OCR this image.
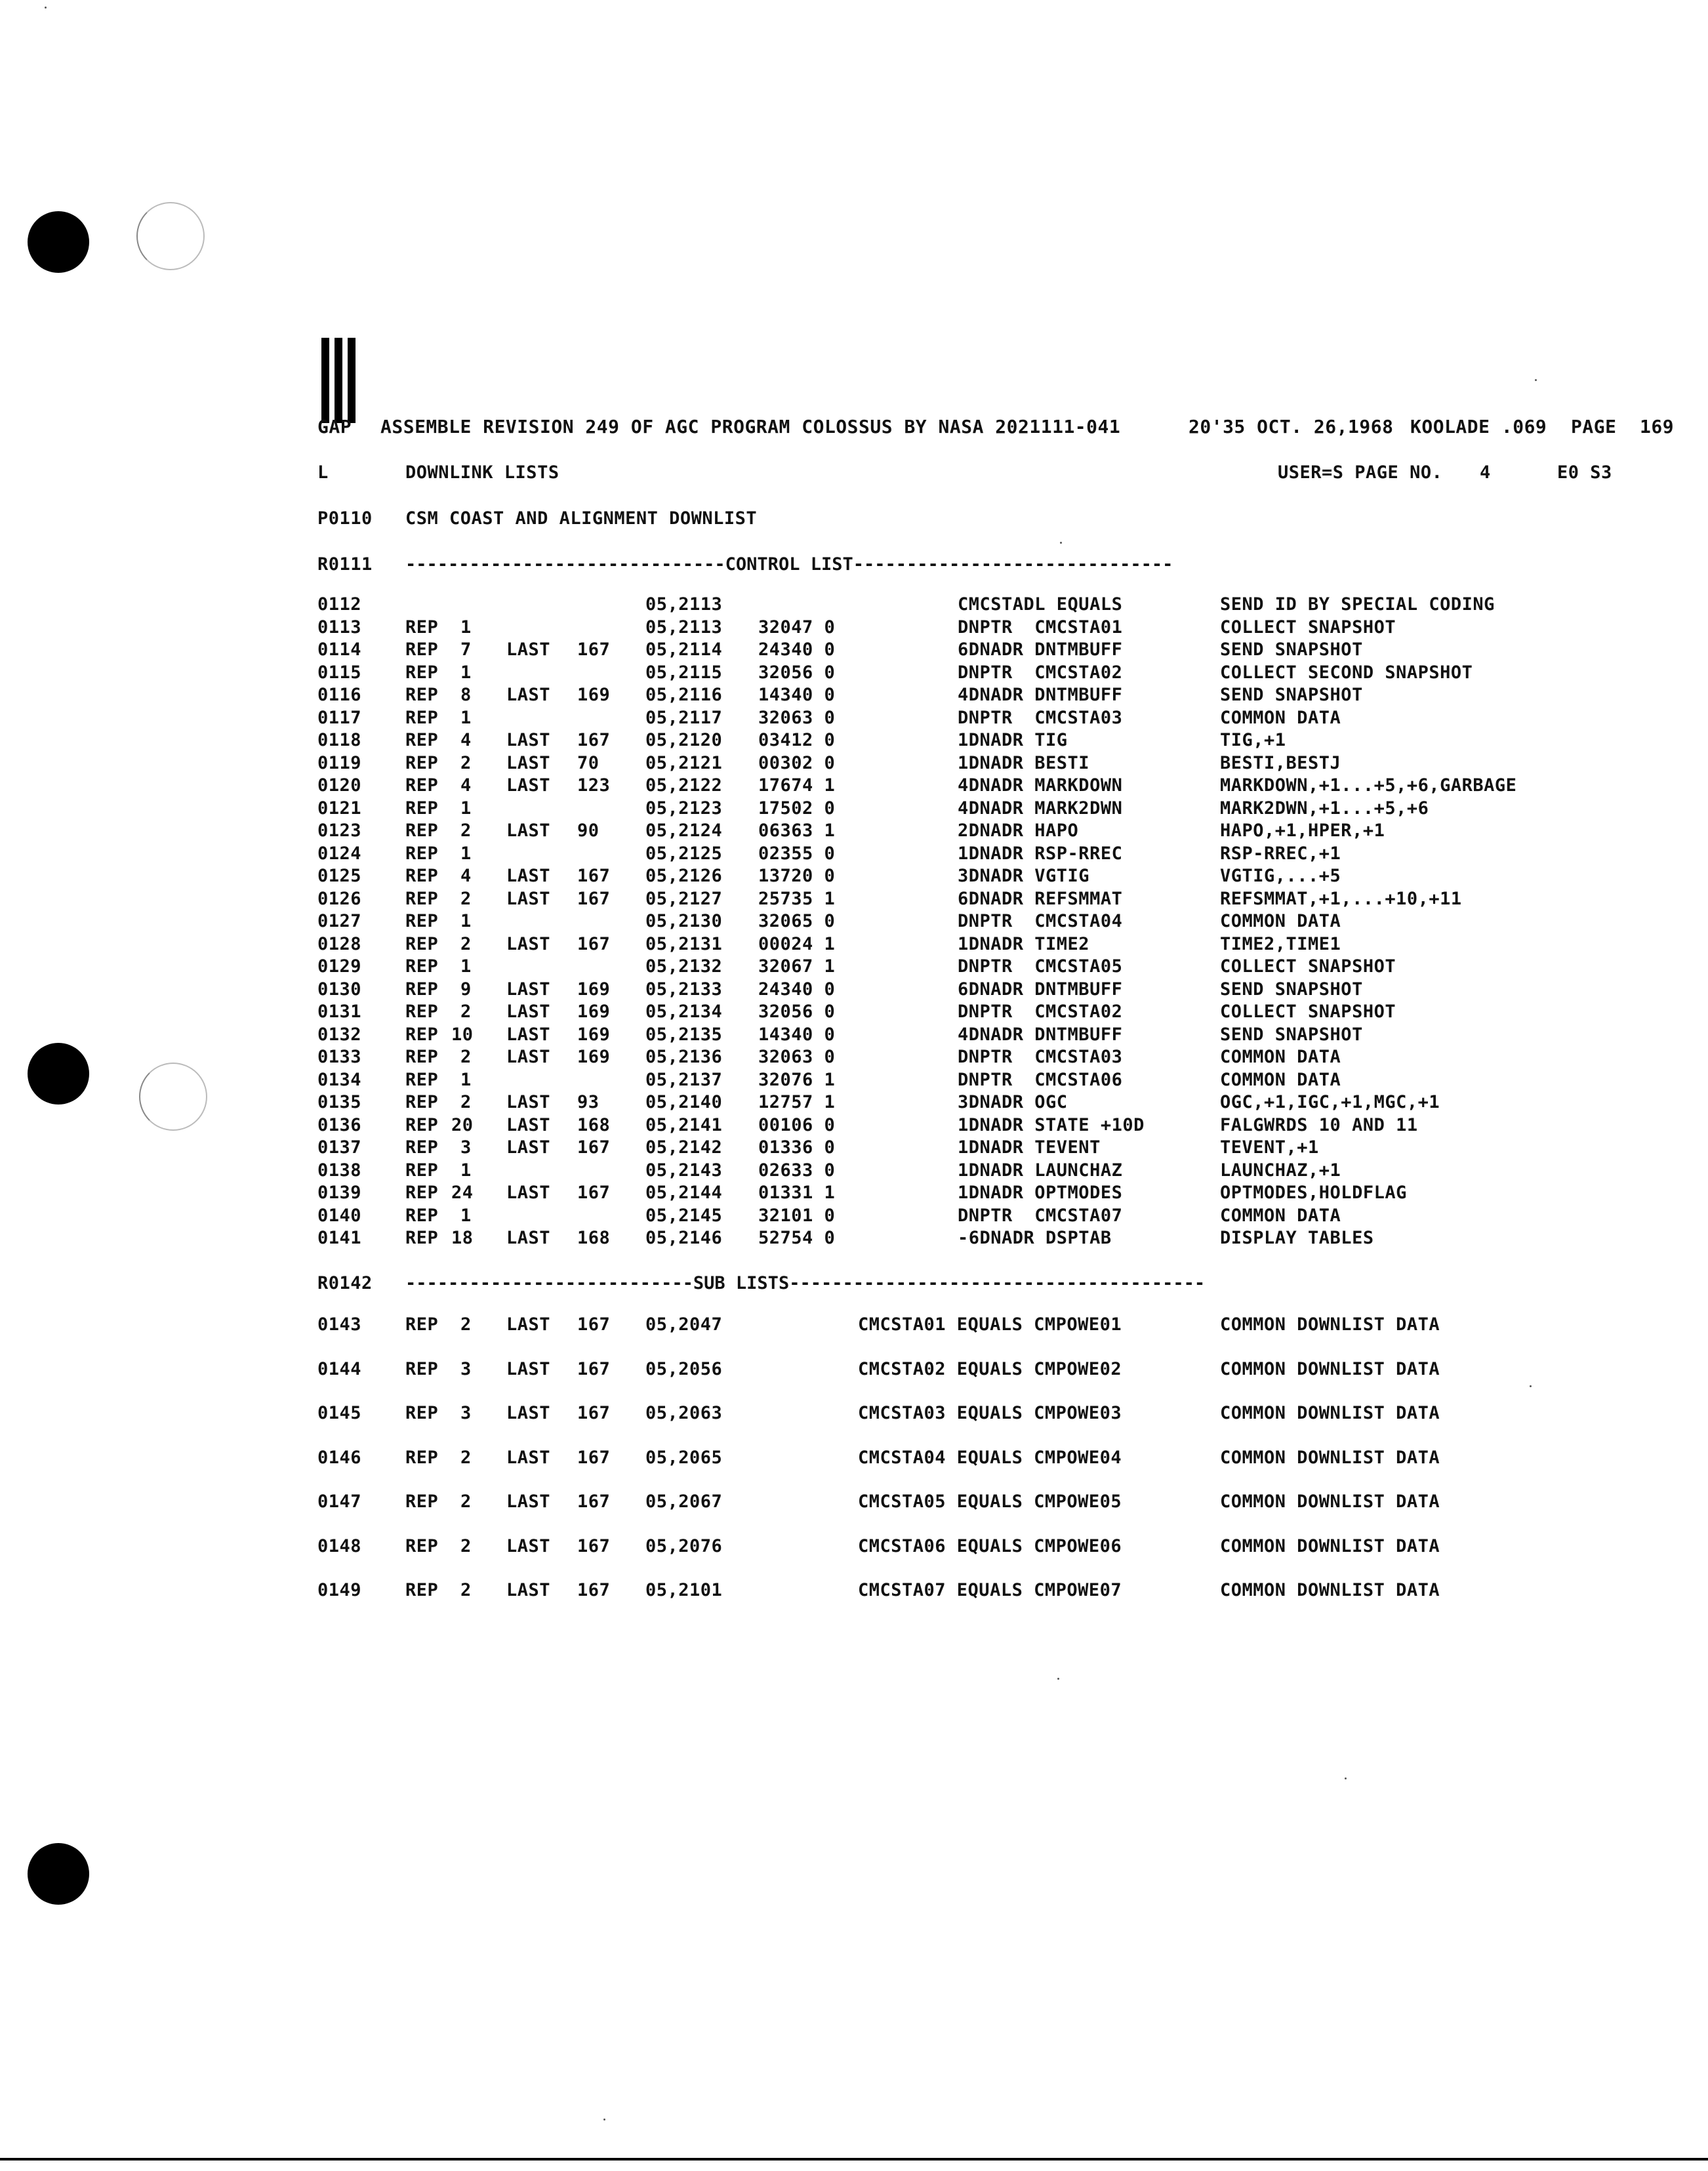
GAP ASSEMBLE REVISION 249 OF AGC PROGRAM COLOSSUS BY NASA 2021111-041	20'35 OCT. 26,1968 KOOLADE .069 PAGE 169
L	DOWNLINK LISTS	USER=S PAGE NO. 4	E0 S3
P0110 CSM COAST AND ALIGNMENT DOWNLIST
R0111 ------------------------------CONTROL LIST------------------------------
0112	05,2113	CMCSTADL EQUALS	SEND ID BY SPECIAL CODING
0113 REP 1	05,2113 32047 0	DNPTR  CMCSTA01	COLLECT SNAPSHOT
0114 REP 7 LAST 167 05,2114 24340 0	6DNADR DNTMBUFF	SEND SNAPSHOT
0115 REP 1	05,2115 32056 0	DNPTR  CMCSTA02	COLLECT SECOND SNAPSHOT
0116 REP 8 LAST 169 05,2116 14340 0	4DNADR DNTMBUFF	SEND SNAPSHOT
0117 REP 1	05,2117 32063 0	DNPTR  CMCSTA03	COMMON DATA
0118 REP 4 LAST 167 05,2120 03412 0	1DNADR TIG	TIG,+1
0119 REP 2 LAST 70	05,2121 00302 0	1DNADR BESTI	BESTI,BESTJ
0120 REP 4 LAST 123 05,2122 17674 1	4DNADR MARKDOWN	MARKDOWN,+1...+5,+6,GARBAGE
0121 REP 1	05,2123 17502 0	4DNADR MARK2DWN	MARK2DWN,+1...+5,+6
0123 REP 2 LAST 90	05,2124 06363 1	2DNADR HAPO	HAPO,+1,HPER,+1
0124 REP 1	05,2125 02355 0	1DNADR RSP-RREC	RSP-RREC,+1
0125 REP 4 LAST 167 05,2126 13720 0	3DNADR VGTIG	VGTIG,...+5
0126 REP 2 LAST 167 05,2127 25735 1	6DNADR REFSMMAT	REFSMMAT,+1,...+10,+11
0127 REP 1	05,2130 32065 0	DNPTR  CMCSTA04	COMMON DATA
0128 REP 2 LAST 167 05,2131 00024 1	1DNADR TIME2	TIME2,TIME1
0129 REP 1	05,2132 32067 1	DNPTR  CMCSTA05	COLLECT SNAPSHOT
0130 REP 9 LAST 169 05,2133 24340 0	6DNADR DNTMBUFF	SEND SNAPSHOT
0131 REP 2 LAST 169 05,2134 32056 0	DNPTR  CMCSTA02	COLLECT SNAPSHOT
0132 REP 10 LAST 169 05,2135 14340 0	4DNADR DNTMBUFF	SEND SNAPSHOT
0133 REP 2 LAST 169 05,2136 32063 0	DNPTR  CMCSTA03	COMMON DATA
0134 REP 1	05,2137 32076 1	DNPTR  CMCSTA06	COMMON DATA
0135 REP 2 LAST 93	05,2140 12757 1	3DNADR OGC	OGC,+1,IGC,+1,MGC,+1
0136 REP 20 LAST 168 05,2141 00106 0	1DNADR STATE +10D	FALGWRDS 10 AND 11
0137 REP 3 LAST 167 05,2142 01336 0	1DNADR TEVENT	TEVENT,+1
0138 REP 1	05,2143 02633 0	1DNADR LAUNCHAZ	LAUNCHAZ,+1
0139 REP 24 LAST 167 05,2144 01331 1	1DNADR OPTMODES	OPTMODES,HOLDFLAG
0140 REP 1	05,2145 32101 0	DNPTR  CMCSTA07	COMMON DATA
0141 REP 18 LAST 168 05,2146 52754 0	-6DNADR DSPTAB	DISPLAY TABLES
R0142 ---------------------------SUB LISTS---------------------------------------
0143 REP 2 LAST 167 05,2047	CMCSTA01 EQUALS CMPOWE01	COMMON DOWNLIST DATA
0144 REP 3 LAST 167 05,2056	CMCSTA02 EQUALS CMPOWE02	COMMON DOWNLIST DATA
0145 REP 3 LAST 167 05,2063	CMCSTA03 EQUALS CMPOWE03	COMMON DOWNLIST DATA
0146 REP 2 LAST 167 05,2065	CMCSTA04 EQUALS CMPOWE04	COMMON DOWNLIST DATA
0147 REP 2 LAST 167 05,2067	CMCSTA05 EQUALS CMPOWE05	COMMON DOWNLIST DATA
0148 REP 2 LAST 167 05,2076	CMCSTA06 EQUALS CMPOWE06	COMMON DOWNLIST DATA
0149 REP 2 LAST 167 05,2101	CMCSTA07 EQUALS CMPOWE07	COMMON DOWNLIST DATA
